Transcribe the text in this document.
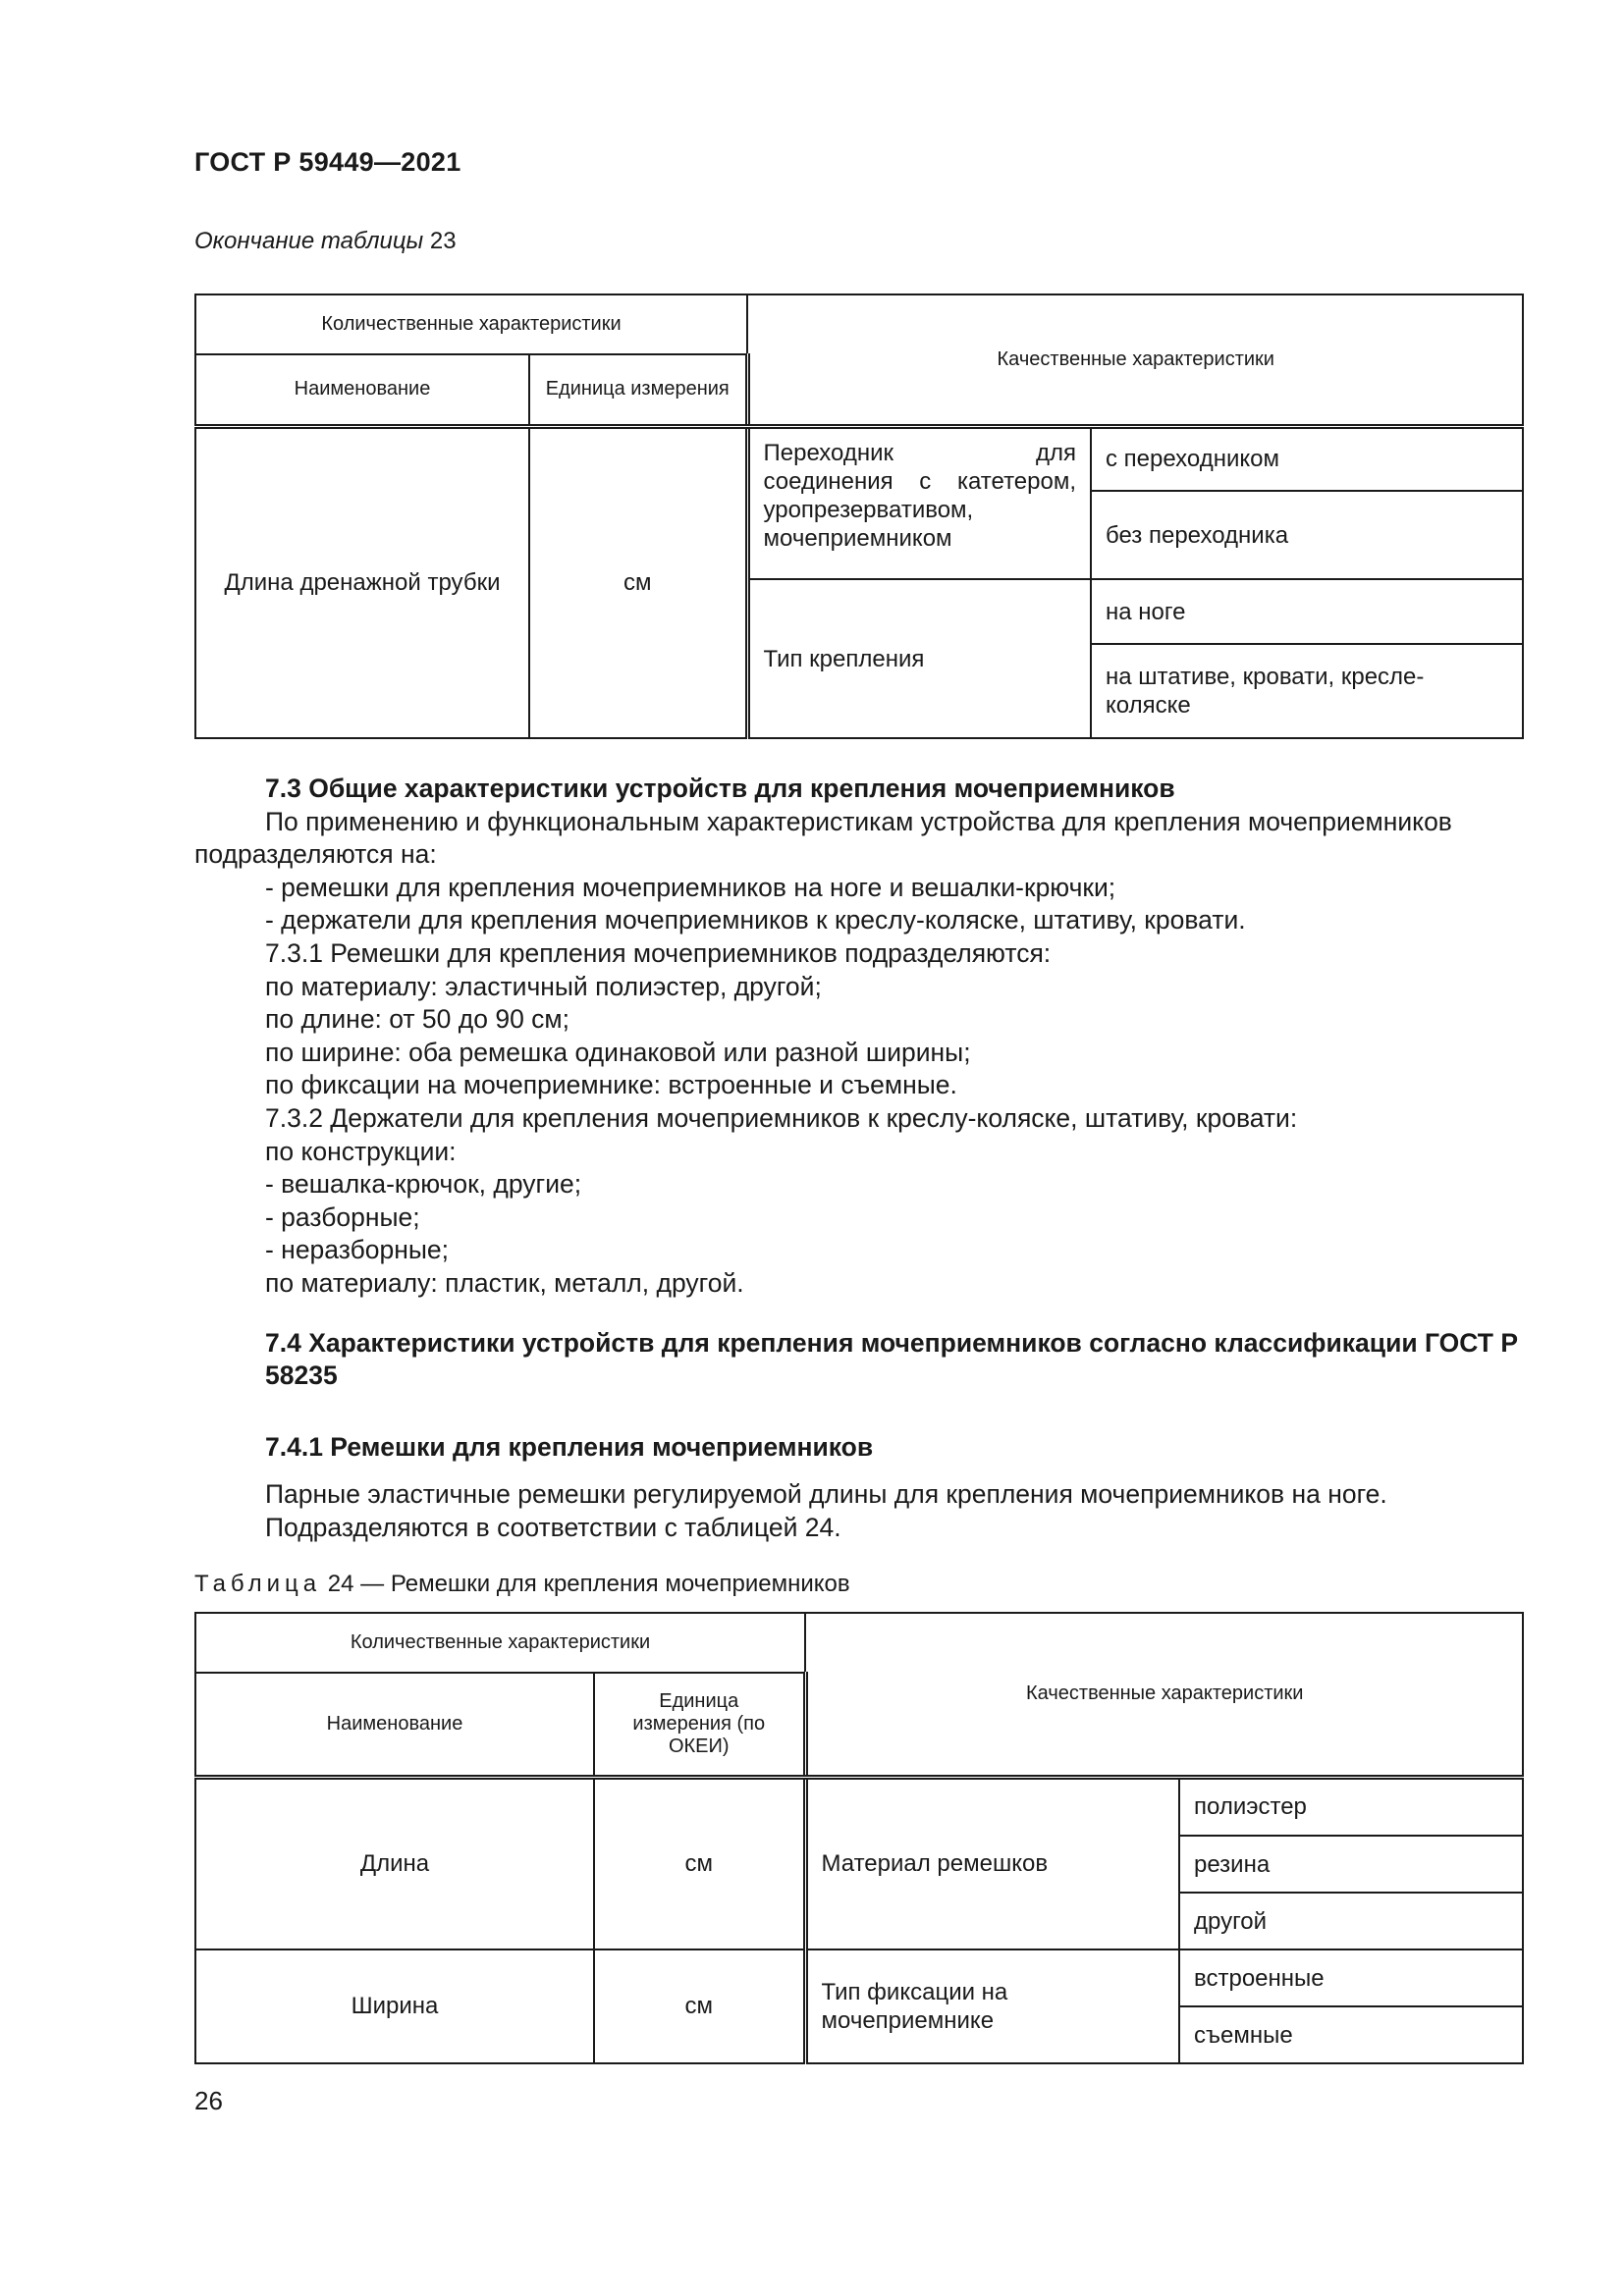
ГОСТ Р 59449—2021
Окончание таблицы 23
Количественные характеристики		Качественные характеристики	
Наименование	Единица измерения		
Длина дренажной трубки	см	Переходник для соединения с катетером, уропрезервативом, мочеприемником	с переходником
			без переходника
		Тип крепления	на ноге
			на штативе, кровати, кресле-коляске

7.3 Общие характеристики устройств для крепления мочеприемников

По применению и функциональным характеристикам устройства для крепления мочеприемников подразделяются на:

- ремешки для крепления мочеприемников на ноге и вешалки-крючки;

- держатели для крепления мочеприемников к креслу-коляске, штативу, кровати.

7.3.1 Ремешки для крепления мочеприемников подразделяются:

по материалу: эластичный полиэстер, другой;

по длине: от 50 до 90 см;

по ширине: оба ремешка одинаковой или разной ширины;

по фиксации на мочеприемнике: встроенные и съемные.

7.3.2 Держатели для крепления мочеприемников к креслу-коляске, штативу, кровати:

по конструкции:

- вешалка-крючок, другие;

- разборные;

- неразборные;

по материалу: пластик, металл, другой.

7.4 Характеристики устройств для крепления мочеприемников согласно классификации ГОСТ Р 58235
7.4.1 Ремешки для крепления мочеприемников

Парные эластичные ремешки регулируемой длины для крепления мочеприемников на ноге.

Подразделяются в соответствии с таблицей 24.

Таблица 24 — Ремешки для крепления мочеприемников
Количественные характеристики		Качественные характеристики	
Наименование	Единица измерения (по ОКЕИ)		
Длина	см	Материал ремешков	полиэстер
			резина
			другой
Ширина	см	Тип фиксации на мочеприемнике	встроенные
			съемные
26
